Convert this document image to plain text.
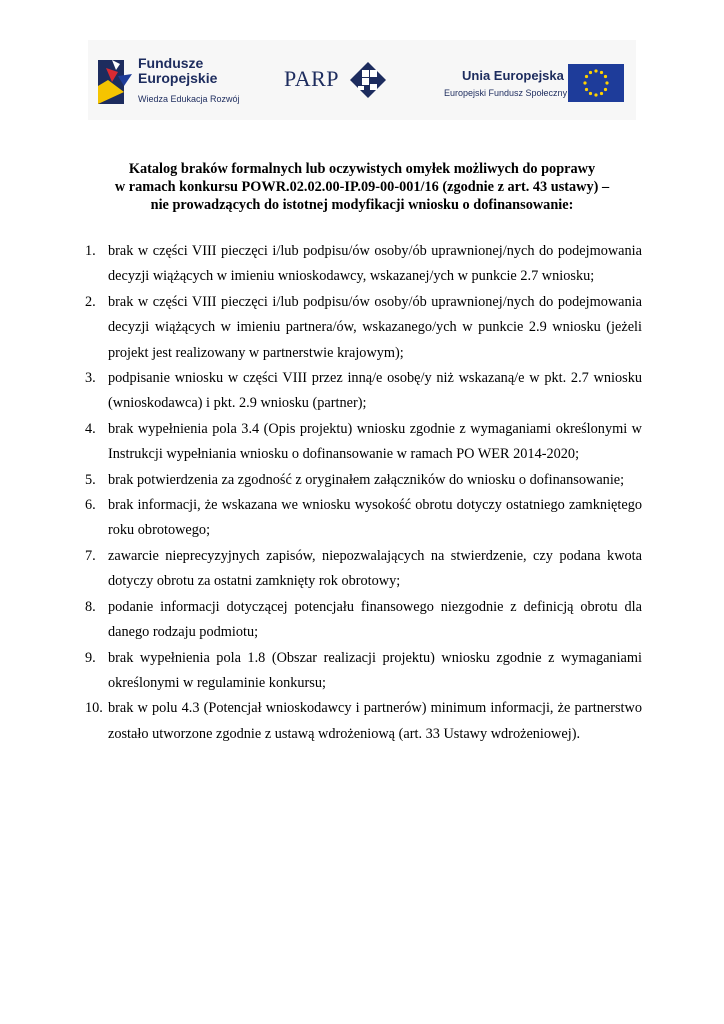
Fundusze
Europejskie
Wiedza Edukacja Rozwój
PARP	Unia Europejska
Europejski Fundusz Społeczny
Katalog braków formalnych lub oczywistych omyłek możliwych do poprawy
w ramach konkursu POWR.02.02.00-IP.09-00-001/16 (zgodnie z art. 43 ustawy) –
nie prowadzących do istotnej modyfikacji wniosku o dofinansowanie:
1. brak w części VIII pieczęci i/lub podpisu/ów osoby/ób uprawnionej/nych do podejmowania decyzji wiążących w imieniu wnioskodawcy, wskazanej/ych w punkcie 2.7 wniosku;
2. brak w części VIII pieczęci i/lub podpisu/ów osoby/ób uprawnionej/nych do podejmowania decyzji wiążących w imieniu partnera/ów, wskazanego/ych w punkcie 2.9 wniosku (jeżeli projekt jest realizowany w partnerstwie krajowym);
3. podpisanie wniosku w części VIII przez inną/e osobę/y niż wskazaną/e w pkt. 2.7 wniosku (wnioskodawca) i pkt. 2.9 wniosku (partner);
4. brak wypełnienia pola 3.4 (Opis projektu) wniosku zgodnie z wymaganiami określonymi w Instrukcji wypełniania wniosku o dofinansowanie w ramach PO WER 2014-2020;
5. brak potwierdzenia za zgodność z oryginałem załączników do wniosku o dofinansowanie;
6. brak informacji, że wskazana we wniosku wysokość obrotu dotyczy ostatniego zamkniętego roku obrotowego;
7. zawarcie nieprecyzyjnych zapisów, niepozwalających na stwierdzenie, czy podana kwota dotyczy obrotu za ostatni zamknięty rok obrotowy;
8. podanie informacji dotyczącej potencjału finansowego niezgodnie z definicją obrotu dla danego rodzaju podmiotu;
9. brak wypełnienia pola 1.8 (Obszar realizacji projektu) wniosku zgodnie z wymaganiami określonymi w regulaminie konkursu;
10. brak w polu 4.3 (Potencjał wnioskodawcy i partnerów) minimum informacji, że partnerstwo zostało utworzone zgodnie z ustawą wdrożeniową (art. 33 Ustawy wdrożeniowej).
